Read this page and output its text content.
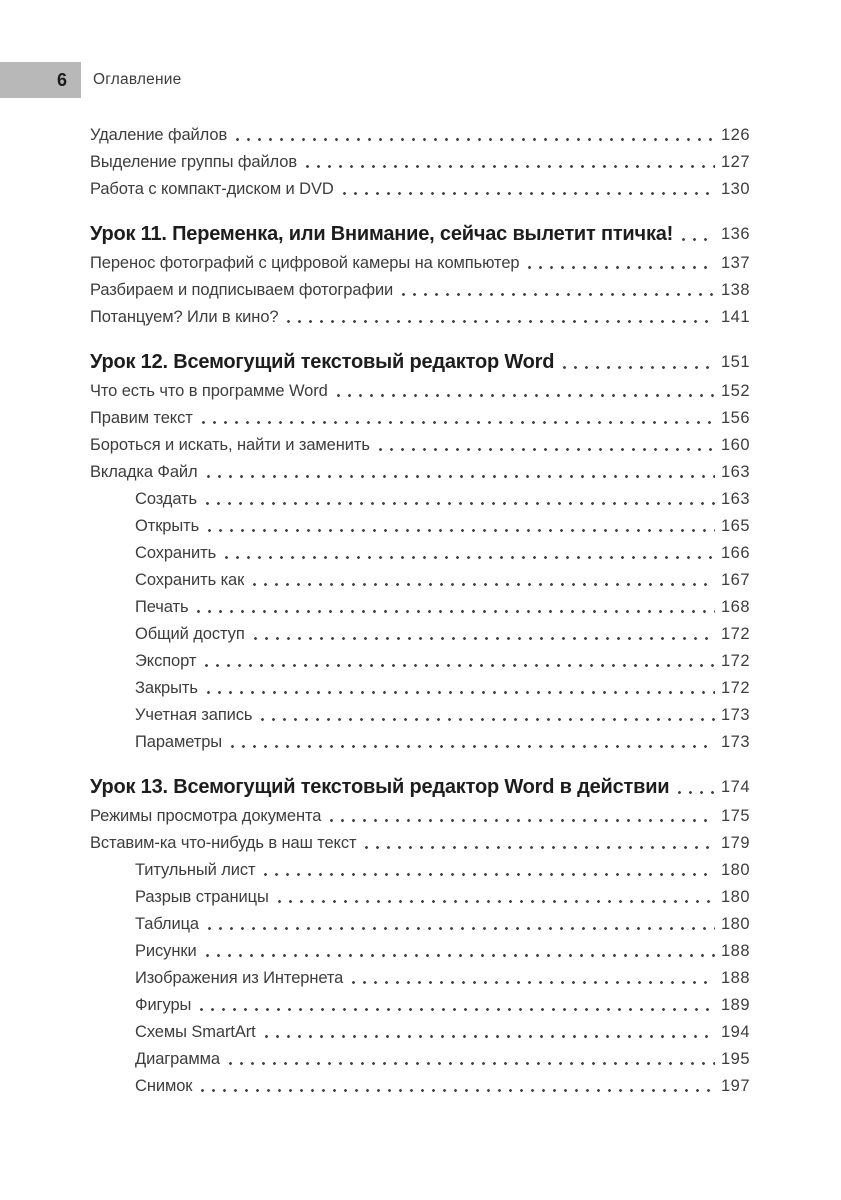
6 Оглавление
Удаление файлов	126
Выделение группы файлов	127
Работа с компакт-диском и DVD	130
Урок 11. Переменка, или Внимание, сейчас вылетит птичка!	136
Перенос фотографий с цифровой камеры на компьютер	137
Разбираем и подписываем фотографии	138
Потанцуем? Или в кино?	141
Урок 12. Всемогущий текстовый редактор Word	151
Что есть что в программе Word	152
Правим текст	156
Бороться и искать, найти и заменить	160
Вкладка Файл	163
Создать	163
Открыть	165
Сохранить	166
Сохранить как	167
Печать	168
Общий доступ	172
Экспорт	172
Закрыть	172
Учетная запись	173
Параметры	173
Урок 13. Всемогущий текстовый редактор Word в действии	174
Режимы просмотра документа	175
Вставим-ка что-нибудь в наш текст	179
Титульный лист	180
Разрыв страницы	180
Таблица	180
Рисунки	188
Изображения из Интернета	188
Фигуры	189
Схемы SmartArt	194
Диаграмма	195
Снимок	197
